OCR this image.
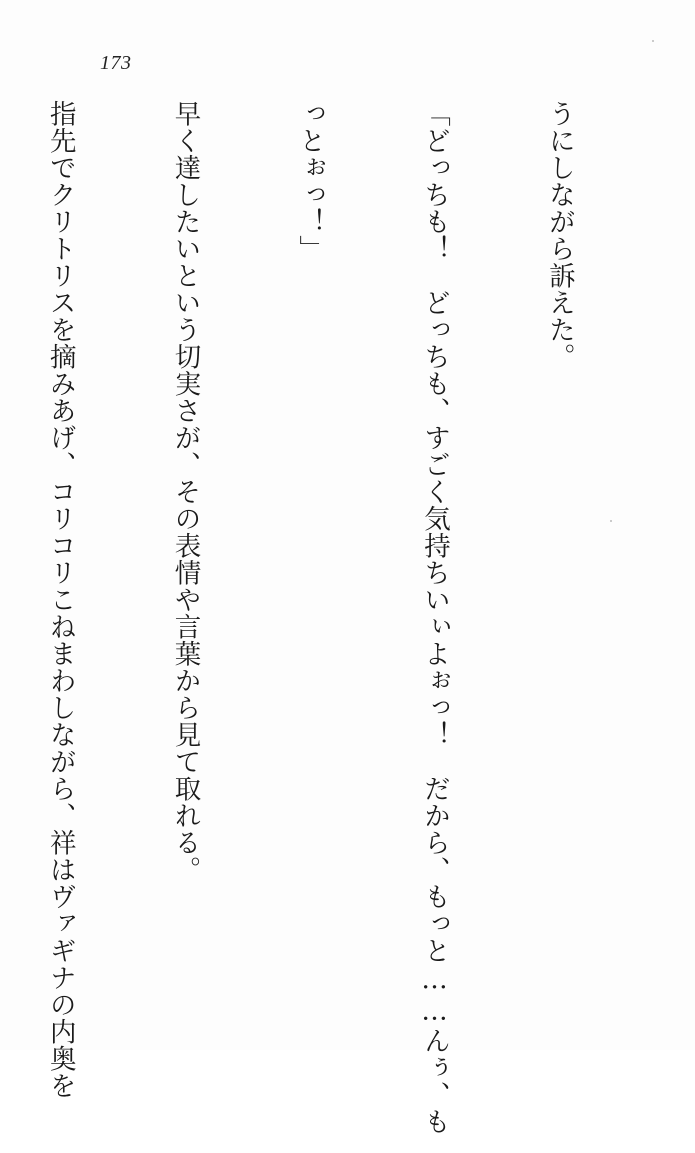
173

うにしながら訴えた。

「どっちも！　どっちも、すごく気持ちいぃよぉっ！　だから、もっと……んぅ、も

っとぉっ！」

早く達したいという切実さが、その表情や言葉から見て取れる。

指先でクリトリスを摘みあげ、コリコリこねまわしながら、祥はヴァギナの内奥を
